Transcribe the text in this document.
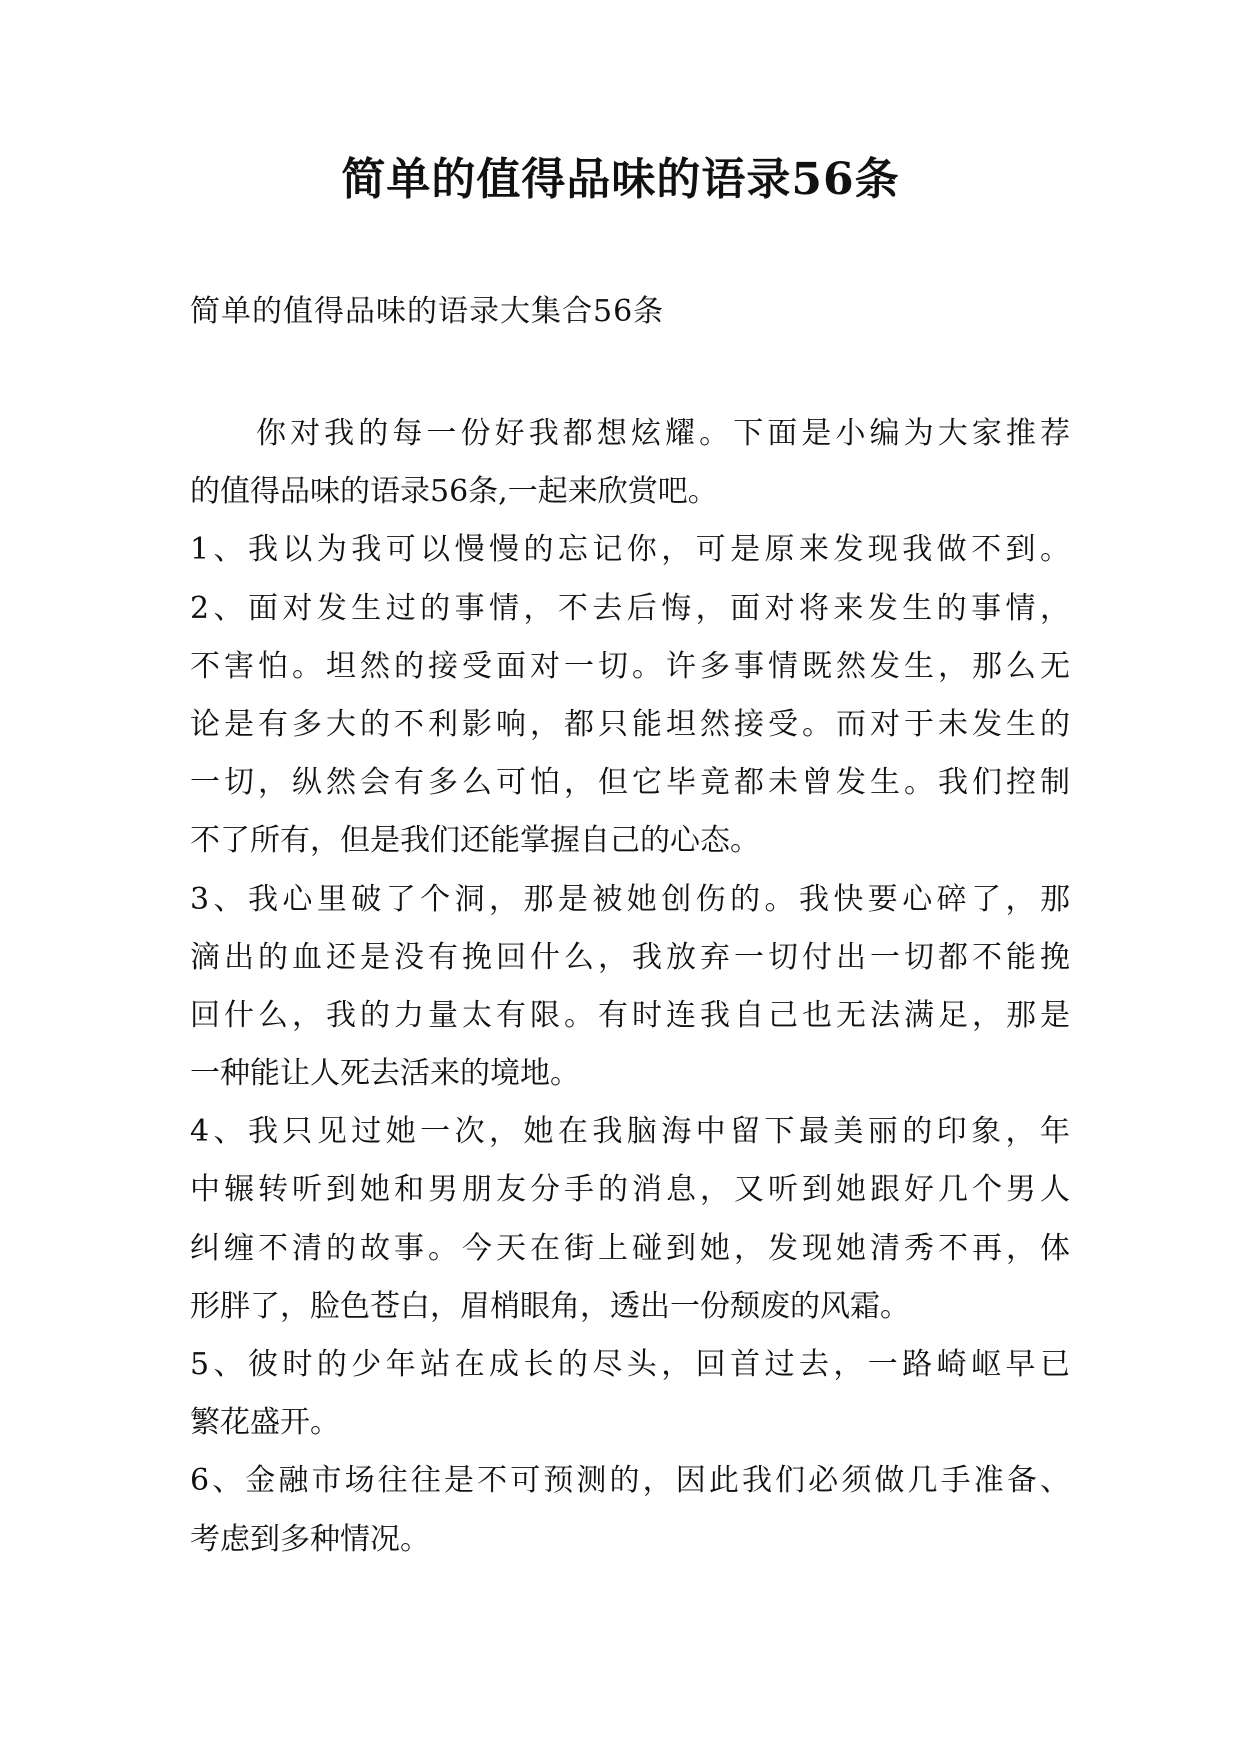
简单的值得品味的语录56条
简单的值得品味的语录大集合56条
你对我的每一份好我都想炫耀。下面是小编为大家推荐
的值得品味的语录56条,一起来欣赏吧。
1、我以为我可以慢慢的忘记你，可是原来发现我做不到。
2、面对发生过的事情，不去后悔，面对将来发生的事情，
不害怕。坦然的接受面对一切。许多事情既然发生，那么无
论是有多大的不利影响，都只能坦然接受。而对于未发生的
一切，纵然会有多么可怕，但它毕竟都未曾发生。我们控制
不了所有，但是我们还能掌握自己的心态。
3、我心里破了个洞，那是被她创伤的。我快要心碎了，那
滴出的血还是没有挽回什么，我放弃一切付出一切都不能挽
回什么，我的力量太有限。有时连我自己也无法满足，那是
一种能让人死去活来的境地。
4、我只见过她一次，她在我脑海中留下最美丽的印象，年
中辗转听到她和男朋友分手的消息，又听到她跟好几个男人
纠缠不清的故事。今天在街上碰到她，发现她清秀不再，体
形胖了，脸色苍白，眉梢眼角，透出一份颓废的风霜。
5、彼时的少年站在成长的尽头，回首过去，一路崎岖早已
繁花盛开。
6、金融市场往往是不可预测的，因此我们必须做几手准备、
考虑到多种情况。
